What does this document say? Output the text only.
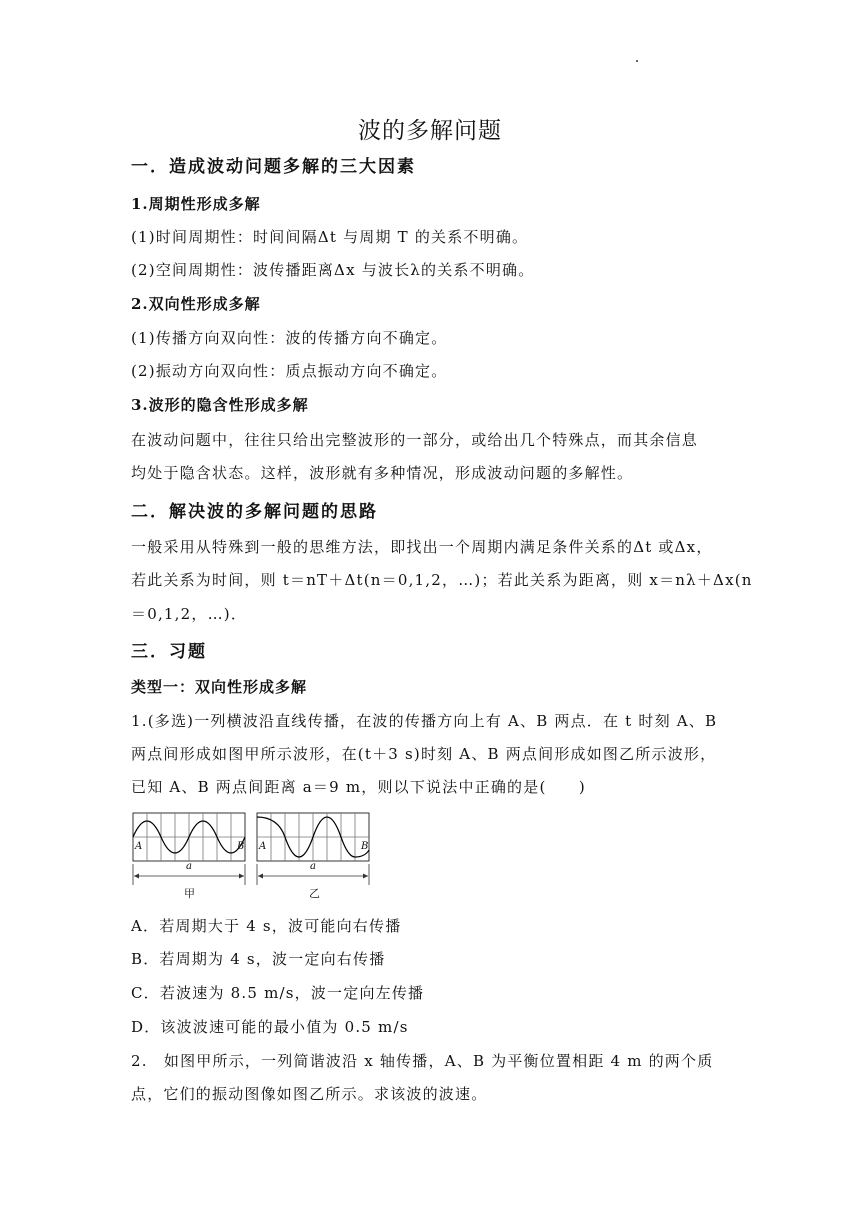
波的多解问题
一．造成波动问题多解的三大因素
1.周期性形成多解
(1)时间周期性：时间间隔Δt 与周期 T 的关系不明确。
(2)空间周期性：波传播距离Δx 与波长λ的关系不明确。
2.双向性形成多解
(1)传播方向双向性：波的传播方向不确定。
(2)振动方向双向性：质点振动方向不确定。
3.波形的隐含性形成多解
在波动问题中，往往只给出完整波形的一部分，或给出几个特殊点，而其余信息
均处于隐含状态。这样，波形就有多种情况，形成波动问题的多解性。
二．解决波的多解问题的思路
一般采用从特殊到一般的思维方法，即找出一个周期内满足条件关系的Δt 或Δx，
若此关系为时间，则 t＝nT＋Δt(n＝0,1,2，…)；若此关系为距离，则 x＝nλ＋Δx(n
＝0,1,2，…)．
三．习题
类型一：双向性形成多解
1.(多选)一列横波沿直线传播，在波的传播方向上有 A、B 两点．在 t 时刻 A、B
两点间形成如图甲所示波形，在(t＋3 s)时刻 A、B 两点间形成如图乙所示波形，
已知 A、B 两点间距离 a＝9 m，则以下说法中正确的是(　　)
A	B
a
甲
A	B
a
乙
A．若周期大于 4 s，波可能向右传播
B．若周期为 4 s，波一定向右传播
C．若波速为 8.5 m/s，波一定向左传播
D．该波波速可能的最小值为 0.5 m/s
2.　如图甲所示，一列简谐波沿 x 轴传播，A、B 为平衡位置相距 4 m 的两个质
点，它们的振动图像如图乙所示。求该波的波速。
